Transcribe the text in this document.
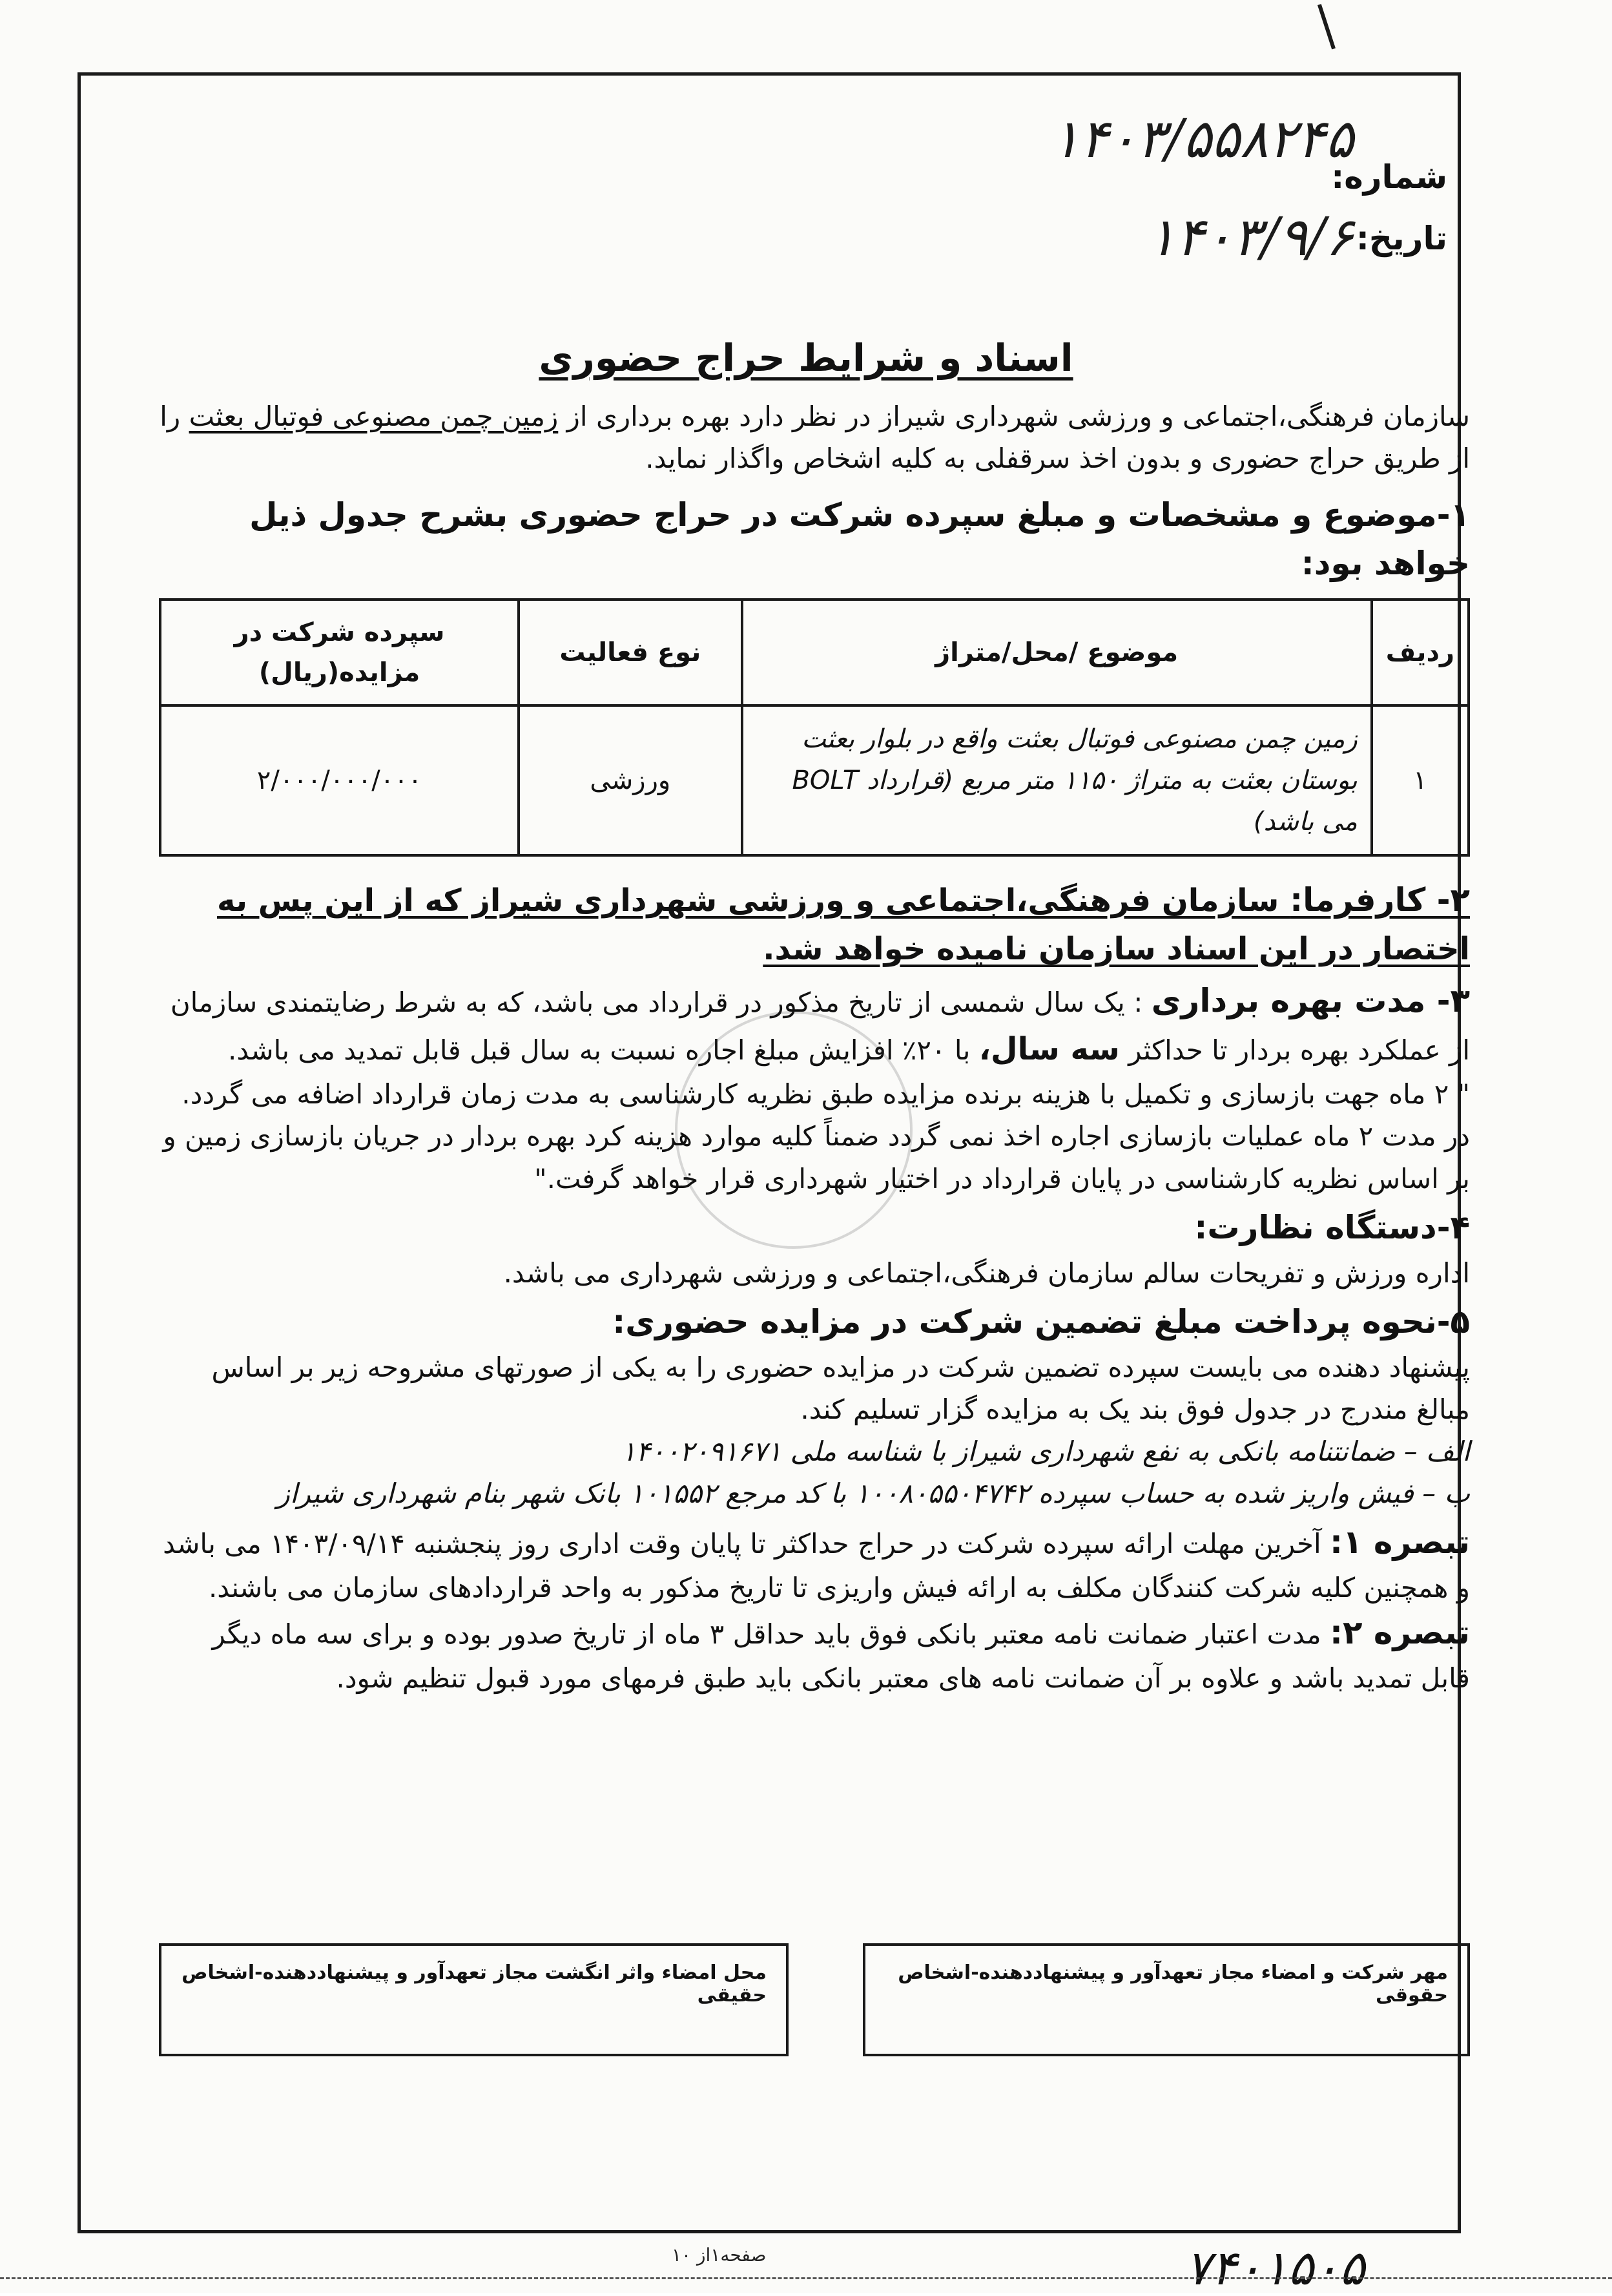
۱۴۰۳/۵۵۸۲۴۵
شماره:
۱۴۰۳/۹/۶ تاریخ:
اسناد و شرایط حراج حضوری

سازمان فرهنگی،اجتماعی و ورزشی شهرداری شیراز در نظر دارد بهره برداری از زمین چمن مصنوعی فوتبال بعثت را از طریق حراج حضوری و بدون اخذ سرقفلی به کلیه اشخاص واگذار نماید.

۱-موضوع و مشخصات و مبلغ سپرده شرکت در حراج حضوری بشرح جدول ذیل خواهد بود:
ردیف	موضوع /محل/متراژ	نوع فعالیت	سپرده شرکت در مزایده(ریال)
۱	زمین چمن مصنوعی فوتبال بعثت واقع در بلوار بعثت بوستان بعثت به متراژ ۱۱۵۰ متر مربع (قرارداد BOLT می باشد)	ورزشی	۲/۰۰۰/۰۰۰/۰۰۰

۲- کارفرما: سازمان فرهنگی،اجتماعی و ورزشی شهرداری شیراز که از این پس به اختصار در این اسناد سازمان نامیده خواهد شد.

۳- مدت بهره برداری : یک سال شمسی از تاریخ مذکور در قرارداد می باشد، که به شرط رضایتمندی سازمان از عملکرد بهره بردار تا حداکثر سه سال، با ۲۰٪ افزایش مبلغ اجاره نسبت به سال قبل قابل تمدید می باشد.

" ۲ ماه جهت بازسازی و تکمیل با هزینه برنده مزایده طبق نظریه کارشناسی به مدت زمان قرارداد اضافه می گردد. در مدت ۲ ماه عملیات بازسازی اجاره اخذ نمی گردد ضمناً کلیه موارد هزینه کرد بهره بردار در جریان بازسازی زمین و بر اساس نظریه کارشناسی در پایان قرارداد در اختیار شهرداری قرار خواهد گرفت."

۴-دستگاه نظارت:

اداره ورزش و تفریحات سالم سازمان فرهنگی،اجتماعی و ورزشی شهرداری می باشد.

۵-نحوه پرداخت مبلغ تضمین شرکت در مزایده حضوری:

پیشنهاد دهنده می بایست سپرده تضمین شرکت در مزایده حضوری را به یکی از صورتهای مشروحه زیر بر اساس مبالغ مندرج در جدول فوق بند یک به مزایده گزار تسلیم کند.

الف – ضمانتنامه بانکی به نفع شهرداری شیراز با شناسه ملی ۱۴۰۰۲۰۹۱۶۷۱

ب – فیش واریز شده به حساب سپرده ۱۰۰۸۰۵۵۰۴۷۴۲ با کد مرجع ۱۰۱۵۵۲ بانک شهر بنام شهرداری شیراز

تبصره ۱: آخرین مهلت ارائه سپرده شرکت در حراج حداکثر تا پایان وقت اداری روز پنجشنبه ۱۴۰۳/۰۹/۱۴ می باشد و همچنین کلیه شرکت کنندگان مکلف به ارائه فیش واریزی تا تاریخ مذکور به واحد قراردادهای سازمان می باشند.

تبصره ۲: مدت اعتبار ضمانت نامه معتبر بانکی فوق باید حداقل ۳ ماه از تاریخ صدور بوده و برای سه ماه دیگر قابل تمدید باشد و علاوه بر آن ضمانت نامه های معتبر بانکی باید طبق فرمهای مورد قبول تنظیم شود.

مهر شرکت و امضاء مجاز تعهدآور و پیشنهاددهنده-اشخاص حقوقی
محل امضاء واثر انگشت مجاز تعهدآور و پیشنهاددهنده-اشخاص حقیقی
صفحه۱از ۱۰	۷۴۰۱۵۰۵
